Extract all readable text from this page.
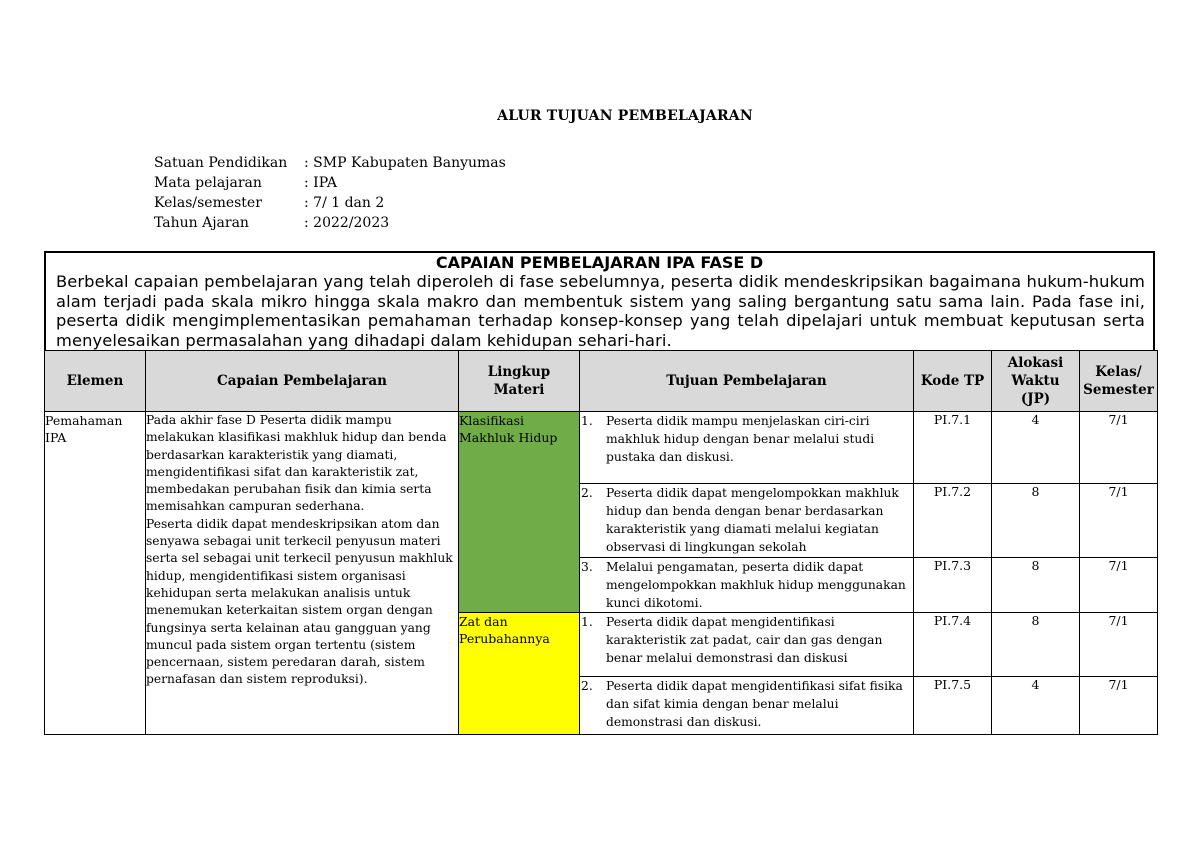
ALUR TUJUAN PEMBELAJARAN
Satuan Pendidikan	: SMP Kabupaten Banyumas
Mata pelajaran	: IPA
Kelas/semester	: 7/ 1 dan 2
Tahun Ajaran	: 2022/2023
CAPAIAN PEMBELAJARAN IPA FASE D
Berbekal capaian pembelajaran yang telah diperoleh di fase sebelumnya, peserta didik mendeskripsikan bagaimana hukum-hukum alam terjadi pada skala mikro hingga skala makro dan membentuk sistem yang saling bergantung satu sama lain. Pada fase ini, peserta didik mengimplementasikan pemahaman terhadap konsep-konsep yang telah dipelajari untuk membuat keputusan serta menyelesaikan permasalahan yang dihadapi dalam kehidupan sehari-hari.
Elemen	Capaian Pembelajaran	Lingkup Materi	Tujuan Pembelajaran	Kode TP	Alokasi Waktu (JP)	Kelas/ Semester
Pemahaman IPA	Pada akhir fase D Peserta didik mampu melakukan klasifikasi makhluk hidup dan benda berdasarkan karakteristik yang diamati, mengidentifikasi sifat dan karakteristik zat, membedakan perubahan fisik dan kimia serta memisahkan campuran sederhana.
Peserta didik dapat mendeskripsikan atom dan senyawa sebagai unit terkecil penyusun materi serta sel sebagai unit terkecil penyusun makhluk hidup, mengidentifikasi sistem organisasi kehidupan serta melakukan analisis untuk menemukan keterkaitan sistem organ dengan fungsinya serta kelainan atau gangguan yang muncul pada sistem organ tertentu (sistem pencernaan, sistem peredaran darah, sistem pernafasan dan sistem reproduksi).	Klasifikasi Makhluk Hidup	1. Peserta didik mampu menjelaskan ciri-ciri makhluk hidup dengan benar melalui studi pustaka dan diskusi.	PI.7.1	4	7/1

			2. Peserta didik dapat mengelompokkan makhluk hidup dan benda dengan benar berdasarkan karakteristik yang diamati melalui kegiatan observasi di lingkungan sekolah	PI.7.2	8	7/1

			3. Melalui pengamatan, peserta didik dapat mengelompokkan makhluk hidup menggunakan kunci dikotomi.	PI.7.3	8	7/1
		Zat dan Perubahannya	1. Peserta didik dapat mengidentifikasi karakteristik zat padat, cair dan gas dengan benar melalui demonstrasi dan diskusi	PI.7.4	8	7/1

			2. Peserta didik dapat mengidentifikasi sifat fisika dan sifat kimia dengan benar melalui demonstrasi dan diskusi.	PI.7.5	4	7/1
